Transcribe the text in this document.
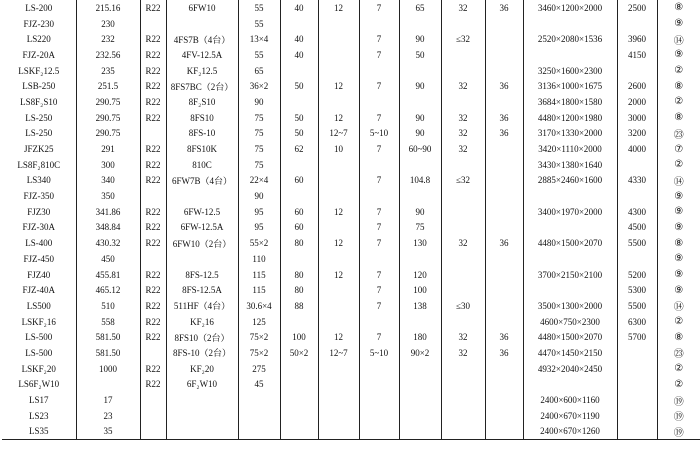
LS-200	215.16	R22	6FW10	55	40	12	7	65	32	36	3460×1200×2000	2500	⑧
FJZ-230	230			55									⑨
LS220	232	R22	4FS7B（4台）	13×4	40		7	90	≤32		2520×2080×1536	3960	⑭
FJZ-20A	232.56	R22	4FV-12.5A	55	40		7	50				4150	⑨
LSKF₂12.5	235	R22	KF₂12.5	65							3250×1600×2300		②
LSB-250	251.5	R22	8FS7BC（2台）	36×2	50	12	7	90	32	36	3136×1000×1675	2600	⑧
LS8F₂S10	290.75	R22	8F₂S10	90							3684×1800×1580	2000	②
LS-250	290.75	R22	8FS10	75	50	12	7	90	32	36	4480×1200×1980	3000	⑧
LS-250	290.75		8FS-10	75	50	12~7	5~10	90	32	36	3170×1330×2000	3200	㉓
JFZK25	291	R22	8FS10K	75	62	10	7	60~90	32		3420×1110×2000	4000	⑦
LS8F₂810C	300	R22	810C	75							3430×1380×1640		②
LS340	340	R22	6FW7B（4台）	22×4	60		7	104.8	≤32		2885×2460×1600	4330	⑭
FJZ-350	350			90									⑨
FJZ30	341.86	R22	6FW-12.5	95	60	12	7	90			3400×1970×2000	4300	⑨
FJZ-30A	348.84	R22	6FW-12.5A	95	60		7	75				4500	⑨
LS-400	430.32	R22	6FW10（2台）	55×2	80	12	7	130	32	36	4480×1500×2070	5500	⑧
FJZ-450	450			110									⑨
FJZ40	455.81	R22	8FS-12.5	115	80	12	7	120			3700×2150×2100	5200	⑨
FJZ-40A	465.12	R22	8FS-12.5A	115	80		7	100				5300	⑨
LS500	510	R22	511HF（4台）	30.6×4	88		7	138	≤30		3500×1300×2000	5500	⑭
LSKF₂16	558	R22	KF₂16	125							4600×750×2300	6300	②
LS-500	581.50	R22	8FS10（2台）	75×2	100	12	7	180	32	36	4480×1500×2070	5700	⑧
LS-500	581.50		8FS-10（2台）	75×2	50×2	12~7	5~10	90×2	32	36	4470×1450×2150		㉓
LSKF₂20	1000	R22	KF₂20	275							4932×2040×2450		②
LS6F₂W10		R22	6F₂W10	45									②
LS17	17										2400×600×1160		⑲
LS23	23										2400×670×1190		⑲
LS35	35										2400×670×1260		⑲
